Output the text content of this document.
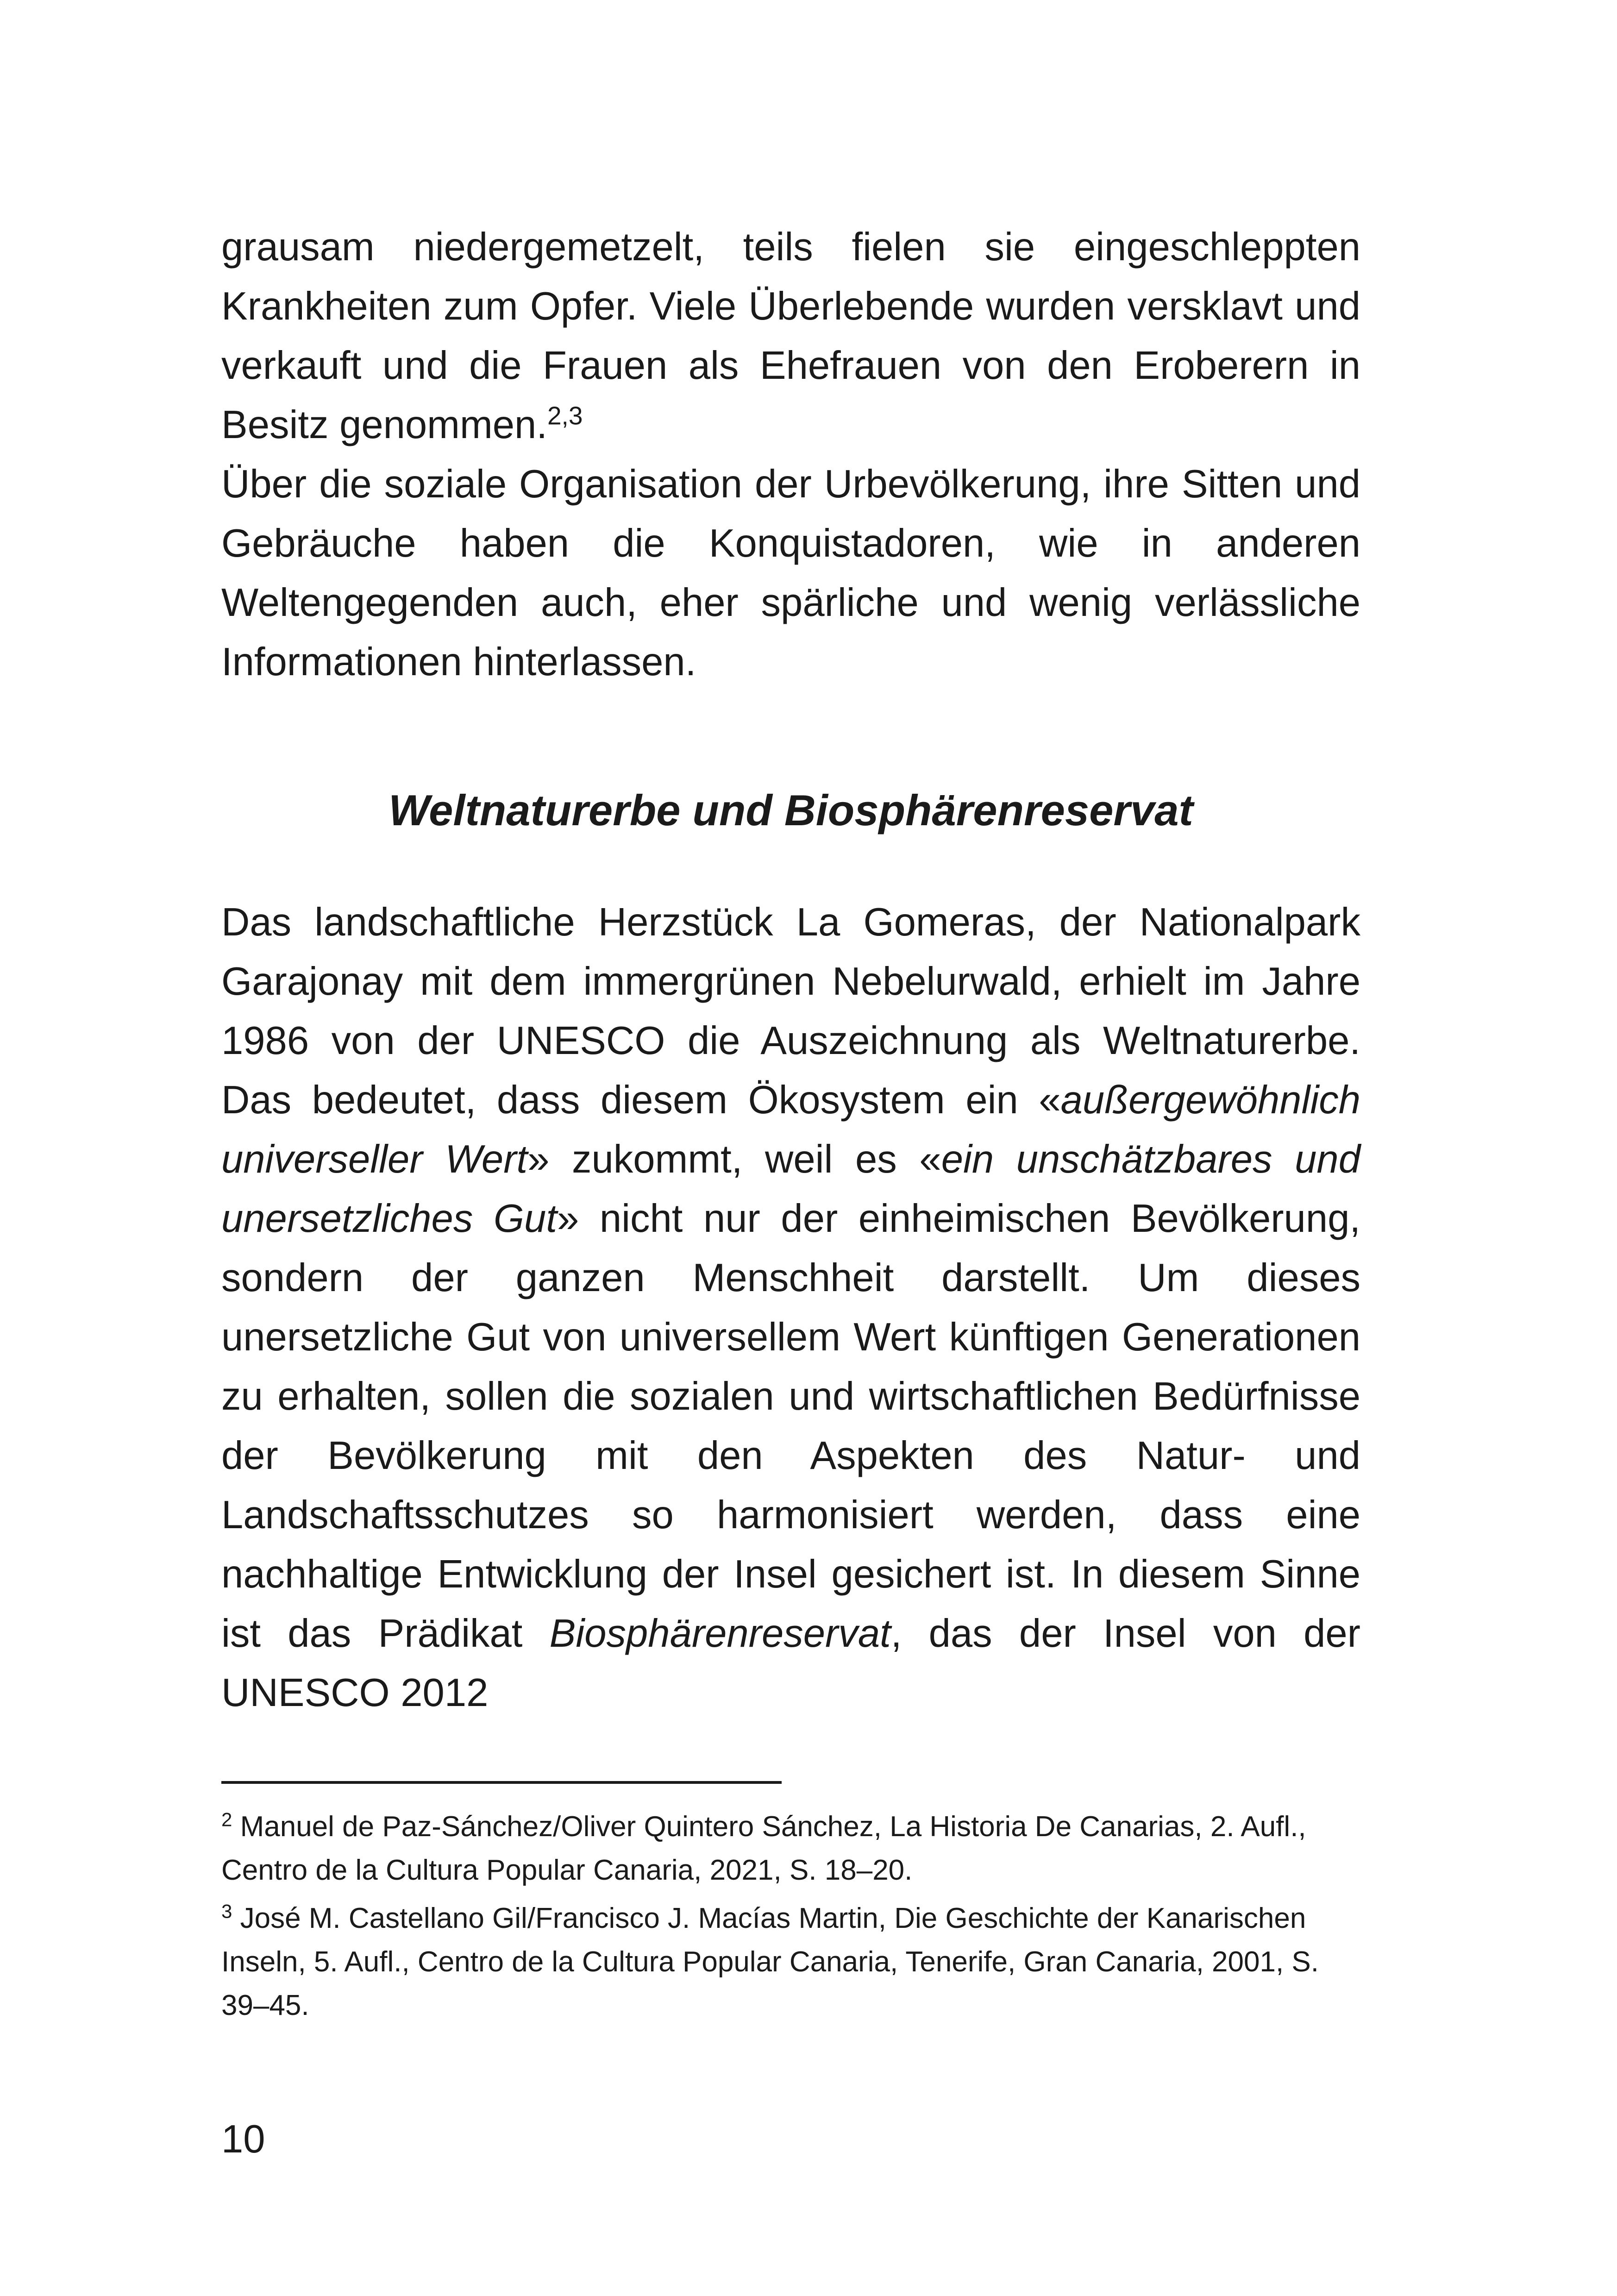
grausam niedergemetzelt, teils fielen sie eingeschleppten Krankheiten zum Opfer. Viele Überlebende wurden versklavt und verkauft und die Frauen als Ehefrauen von den Eroberern in Besitz genommen.$^{2,3}$

Über die soziale Organisation der Urbevölkerung, ihre Sitten und Gebräuche haben die Konquistadoren, wie in anderen Weltengegenden auch, eher spärliche und wenig verlässliche Informationen hinterlassen.

Weltnaturerbe und Biosphärenreservat

Das landschaftliche Herzstück La Gomeras, der Nationalpark Garajonay mit dem immergrünen Nebelurwald, erhielt im Jahre 1986 von der UNESCO die Auszeichnung als Weltnaturerbe. Das bedeutet, dass diesem Ökosystem ein «außergewöhnlich universeller Wert» zukommt, weil es «ein unschätzbares und unersetzliches Gut» nicht nur der einheimischen Bevölkerung, sondern der ganzen Menschheit darstellt. Um dieses unersetzliche Gut von universellem Wert künftigen Generationen zu erhalten, sollen die sozialen und wirtschaftlichen Bedürfnisse der Bevölkerung mit den Aspekten des Natur- und Landschaftsschutzes so harmonisiert werden, dass eine nachhaltige Entwicklung der Insel gesichert ist. In diesem Sinne ist das Prädikat Biosphärenreservat, das der Insel von der UNESCO 2012

$^2$ Manuel de Paz-Sánchez/Oliver Quintero Sánchez, La Historia De Canarias, 2. Aufl., Centro de la Cultura Popular Canaria, 2021, S. 18–20.

$^3$ José M. Castellano Gil/Francisco J. Macías Martin, Die Geschichte der Kanarischen Inseln, 5. Aufl., Centro de la Cultura Popular Canaria, Tenerife, Gran Canaria, 2001, S. 39–45.

10
